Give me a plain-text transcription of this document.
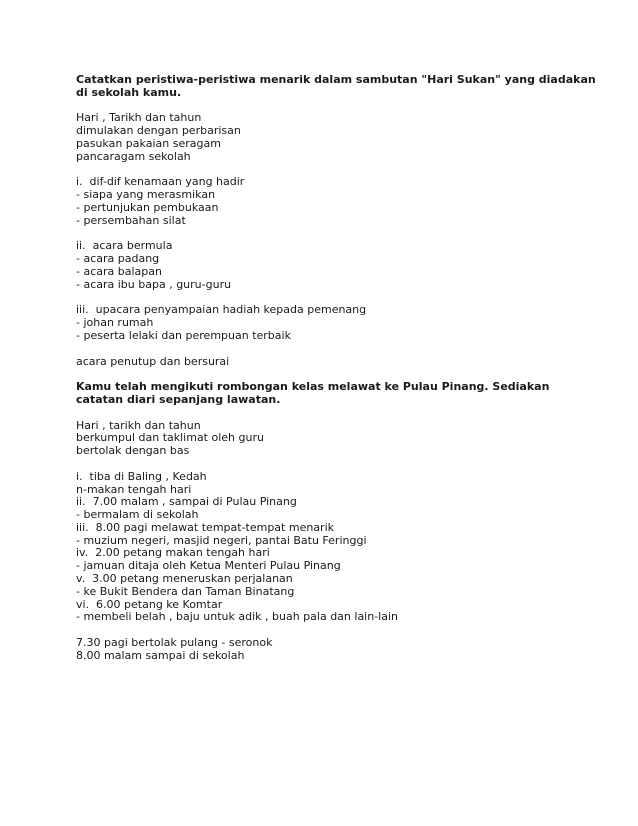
Catatkan peristiwa-peristiwa menarik dalam sambutan "Hari Sukan" yang diadakan di sekolah kamu.

Hari , Tarikh dan tahun
dimulakan dengan perbarisan
pasukan pakaian seragam
pancaragam sekolah
i.  dif-dif kenamaan yang hadir
- siapa yang merasmikan
- pertunjukan pembukaan
- persembahan silat
ii.  acara bermula
- acara padang
- acara balapan
- acara ibu bapa , guru-guru
iii.  upacara penyampaian hadiah kepada pemenang
- johan rumah
- peserta lelaki dan perempuan terbaik
acara penutup dan bersurai

Kamu telah mengikuti rombongan kelas melawat ke Pulau Pinang. Sediakan catatan diari sepanjang lawatan.

Hari , tarikh dan tahun
berkumpul dan taklimat oleh guru
bertolak dengan bas
i.  tiba di Baling , Kedah
n-makan tengah hari
ii.  7.00 malam , sampai di Pulau Pinang
- bermalam di sekolah
iii.  8.00 pagi melawat tempat-tempat menarik
- muzium negeri, masjid negeri, pantai Batu Feringgi
iv.  2.00 petang makan tengah hari
- jamuan ditaja oleh Ketua Menteri Pulau Pinang
v.  3.00 petang meneruskan perjalanan
- ke Bukit Bendera dan Taman Binatang
vi.  6.00 petang ke Komtar
- membeli belah , baju untuk adik , buah pala dan lain-lain
7.30 pagi bertolak pulang - seronok
8.00 malam sampai di sekolah
